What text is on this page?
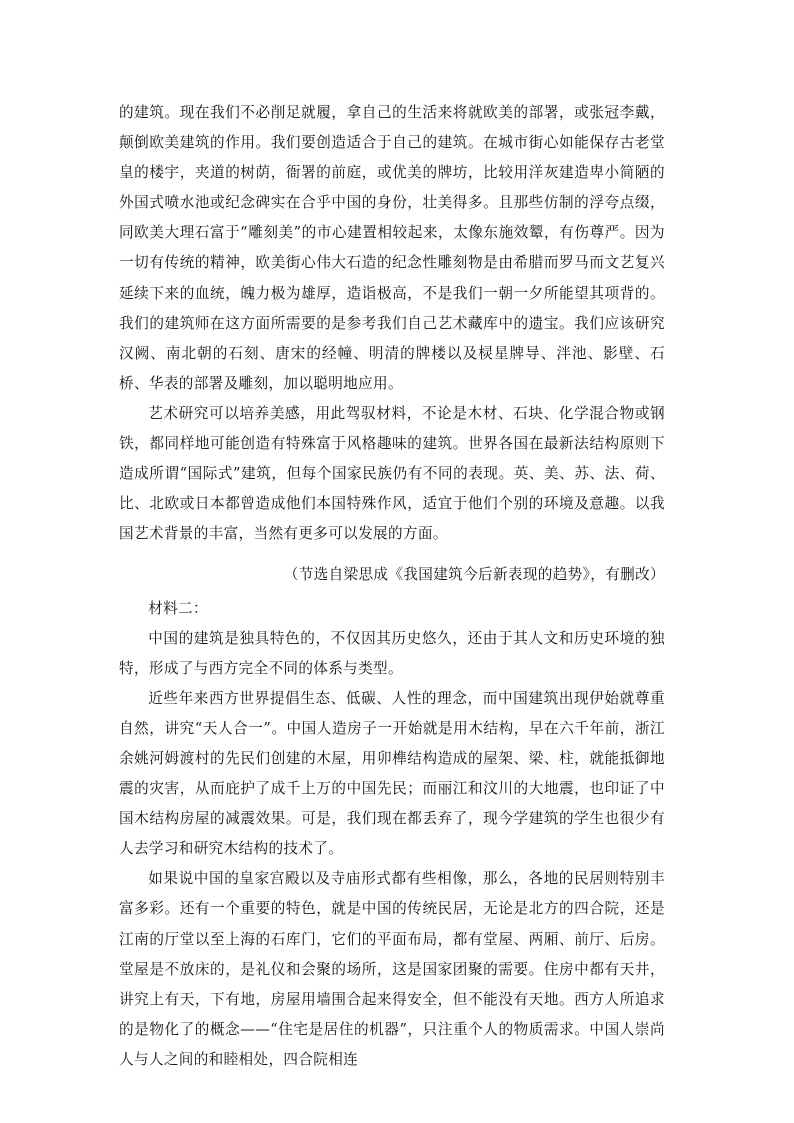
的建筑。现在我们不必削足就履，拿自己的生活来将就欧美的部署，或张冠李戴，颠倒欧美建筑的作用。我们要创造适合于自己的建筑。在城市街心如能保存古老堂皇的楼宇，夹道的树荫，衙署的前庭，或优美的牌坊，比较用洋灰建造卑小简陋的外国式喷水池或纪念碑实在合乎中国的身份，壮美得多。且那些仿制的浮夸点缀，同欧美大理石富于“雕刻美”的市心建置相较起来，太像东施效颦，有伤尊严。因为一切有传统的精神，欧美街心伟大石造的纪念性雕刻物是由希腊而罗马而文艺复兴延续下来的血统，魄力极为雄厚，造诣极高，不是我们一朝一夕所能望其项背的。我们的建筑师在这方面所需要的是参考我们自己艺术藏库中的遗宝。我们应该研究汉阙、南北朝的石刻、唐宋的经幢、明清的牌楼以及棂星牌导、泮池、影壁、石桥、华表的部署及雕刻，加以聪明地应用。

艺术研究可以培养美感，用此驾驭材料，不论是木材、石块、化学混合物或钢铁，都同样地可能创造有特殊富于风格趣味的建筑。世界各国在最新法结构原则下造成所谓“国际式”建筑，但每个国家民族仍有不同的表现。英、美、苏、法、荷、比、北欧或日本都曾造成他们本国特殊作风，适宜于他们个别的环境及意趣。以我国艺术背景的丰富，当然有更多可以发展的方面。

（节选自梁思成《我国建筑今后新表现的趋势》，有删改）

材料二：

中国的建筑是独具特色的，不仅因其历史悠久，还由于其人文和历史环境的独特，形成了与西方完全不同的体系与类型。

近些年来西方世界提倡生态、低碳、人性的理念，而中国建筑出现伊始就尊重自然，讲究“天人合一”。中国人造房子一开始就是用木结构，早在六千年前，浙江余姚河姆渡村的先民们创建的木屋，用卯榫结构造成的屋架、梁、柱，就能抵御地震的灾害，从而庇护了成千上万的中国先民；而丽江和汶川的大地震，也印证了中国木结构房屋的减震效果。可是，我们现在都丢弃了，现今学建筑的学生也很少有人去学习和研究木结构的技术了。

如果说中国的皇家宫殿以及寺庙形式都有些相像，那么，各地的民居则特别丰富多彩。还有一个重要的特色，就是中国的传统民居，无论是北方的四合院，还是江南的厅堂以至上海的石库门，它们的平面布局，都有堂屋、两厢、前厅、后房。堂屋是不放床的，是礼仪和会聚的场所，这是国家团聚的需要。住房中都有天井，讲究上有天，下有地，房屋用墙围合起来得安全，但不能没有天地。西方人所追求的是物化了的概念——“住宅是居住的机器”，只注重个人的物质需求。中国人崇尚人与人之间的和睦相处，四合院相连
